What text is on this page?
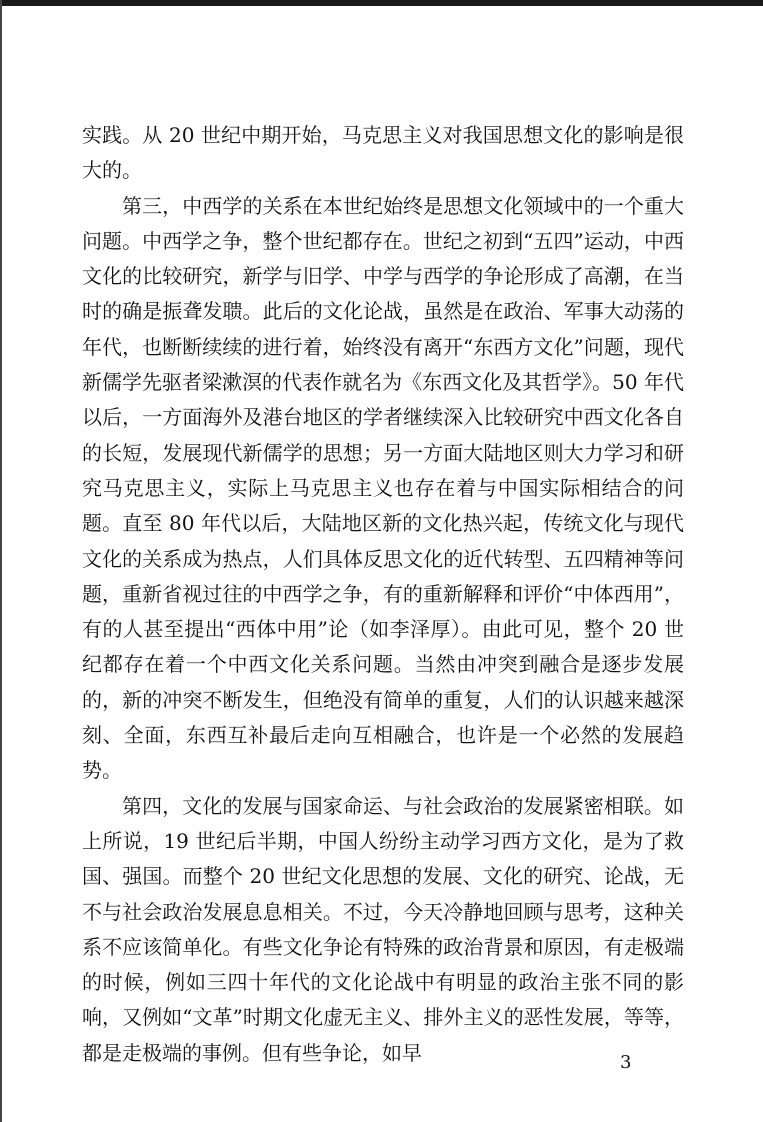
实践。从 20 世纪中期开始，马克思主义对我国思想文化的影响是很大的。

第三，中西学的关系在本世纪始终是思想文化领域中的一个重大问题。中西学之争，整个世纪都存在。世纪之初到“五四”运动，中西文化的比较研究，新学与旧学、中学与西学的争论形成了高潮，在当时的确是振聋发聩。此后的文化论战，虽然是在政治、军事大动荡的年代，也断断续续的进行着，始终没有离开“东西方文化”问题，现代新儒学先驱者梁漱溟的代表作就名为《东西文化及其哲学》。50 年代以后，一方面海外及港台地区的学者继续深入比较研究中西文化各自的长短，发展现代新儒学的思想；另一方面大陆地区则大力学习和研究马克思主义，实际上马克思主义也存在着与中国实际相结合的问题。直至 80 年代以后，大陆地区新的文化热兴起，传统文化与现代文化的关系成为热点，人们具体反思文化的近代转型、五四精神等问题，重新省视过往的中西学之争，有的重新解释和评价“中体西用”，有的人甚至提出“西体中用”论（如李泽厚）。由此可见，整个 20 世纪都存在着一个中西文化关系问题。当然由冲突到融合是逐步发展的，新的冲突不断发生，但绝没有简单的重复，人们的认识越来越深刻、全面，东西互补最后走向互相融合，也许是一个必然的发展趋势。

第四，文化的发展与国家命运、与社会政治的发展紧密相联。如上所说，19 世纪后半期，中国人纷纷主动学习西方文化，是为了救国、强国。而整个 20 世纪文化思想的发展、文化的研究、论战，无不与社会政治发展息息相关。不过，今天冷静地回顾与思考，这种关系不应该简单化。有些文化争论有特殊的政治背景和原因，有走极端的时候，例如三四十年代的文化论战中有明显的政治主张不同的影响，又例如“文革”时期文化虚无主义、排外主义的恶性发展，等等，都是走极端的事例。但有些争论，如早	3
